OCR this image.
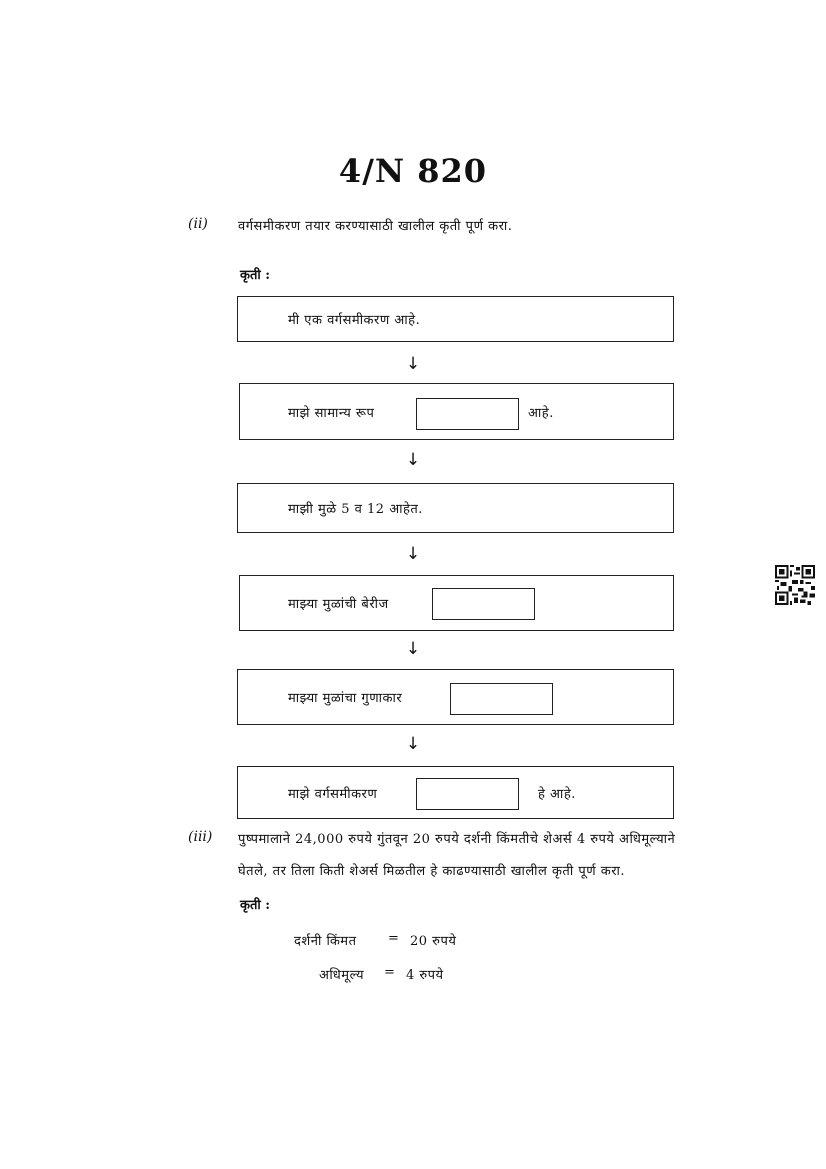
4/N 820
(ii) वर्गसमीकरण तयार करण्यासाठी खालील कृती पूर्ण करा.
कृती :
मी एक वर्गसमीकरण आहे.
↓
माझे सामान्य रूप	आहे.
↓
माझी मुळे 5 व 12 आहेत.
↓
माझ्या मुळांची बेरीज
↓
माझ्या मुळांचा गुणाकार
↓
माझे वर्गसमीकरण	हे आहे.
(iii) पुष्पमालाने 24,000 रुपये गुंतवून 20 रुपये दर्शनी किंमतीचे शेअर्स 4 रुपये अधिमूल्याने
घेतले, तर तिला किती शेअर्स मिळतील हे काढण्यासाठी खालील कृती पूर्ण करा.
कृती :
दर्शनी किंमत = 20 रुपये
अधिमूल्य = 4 रुपये
